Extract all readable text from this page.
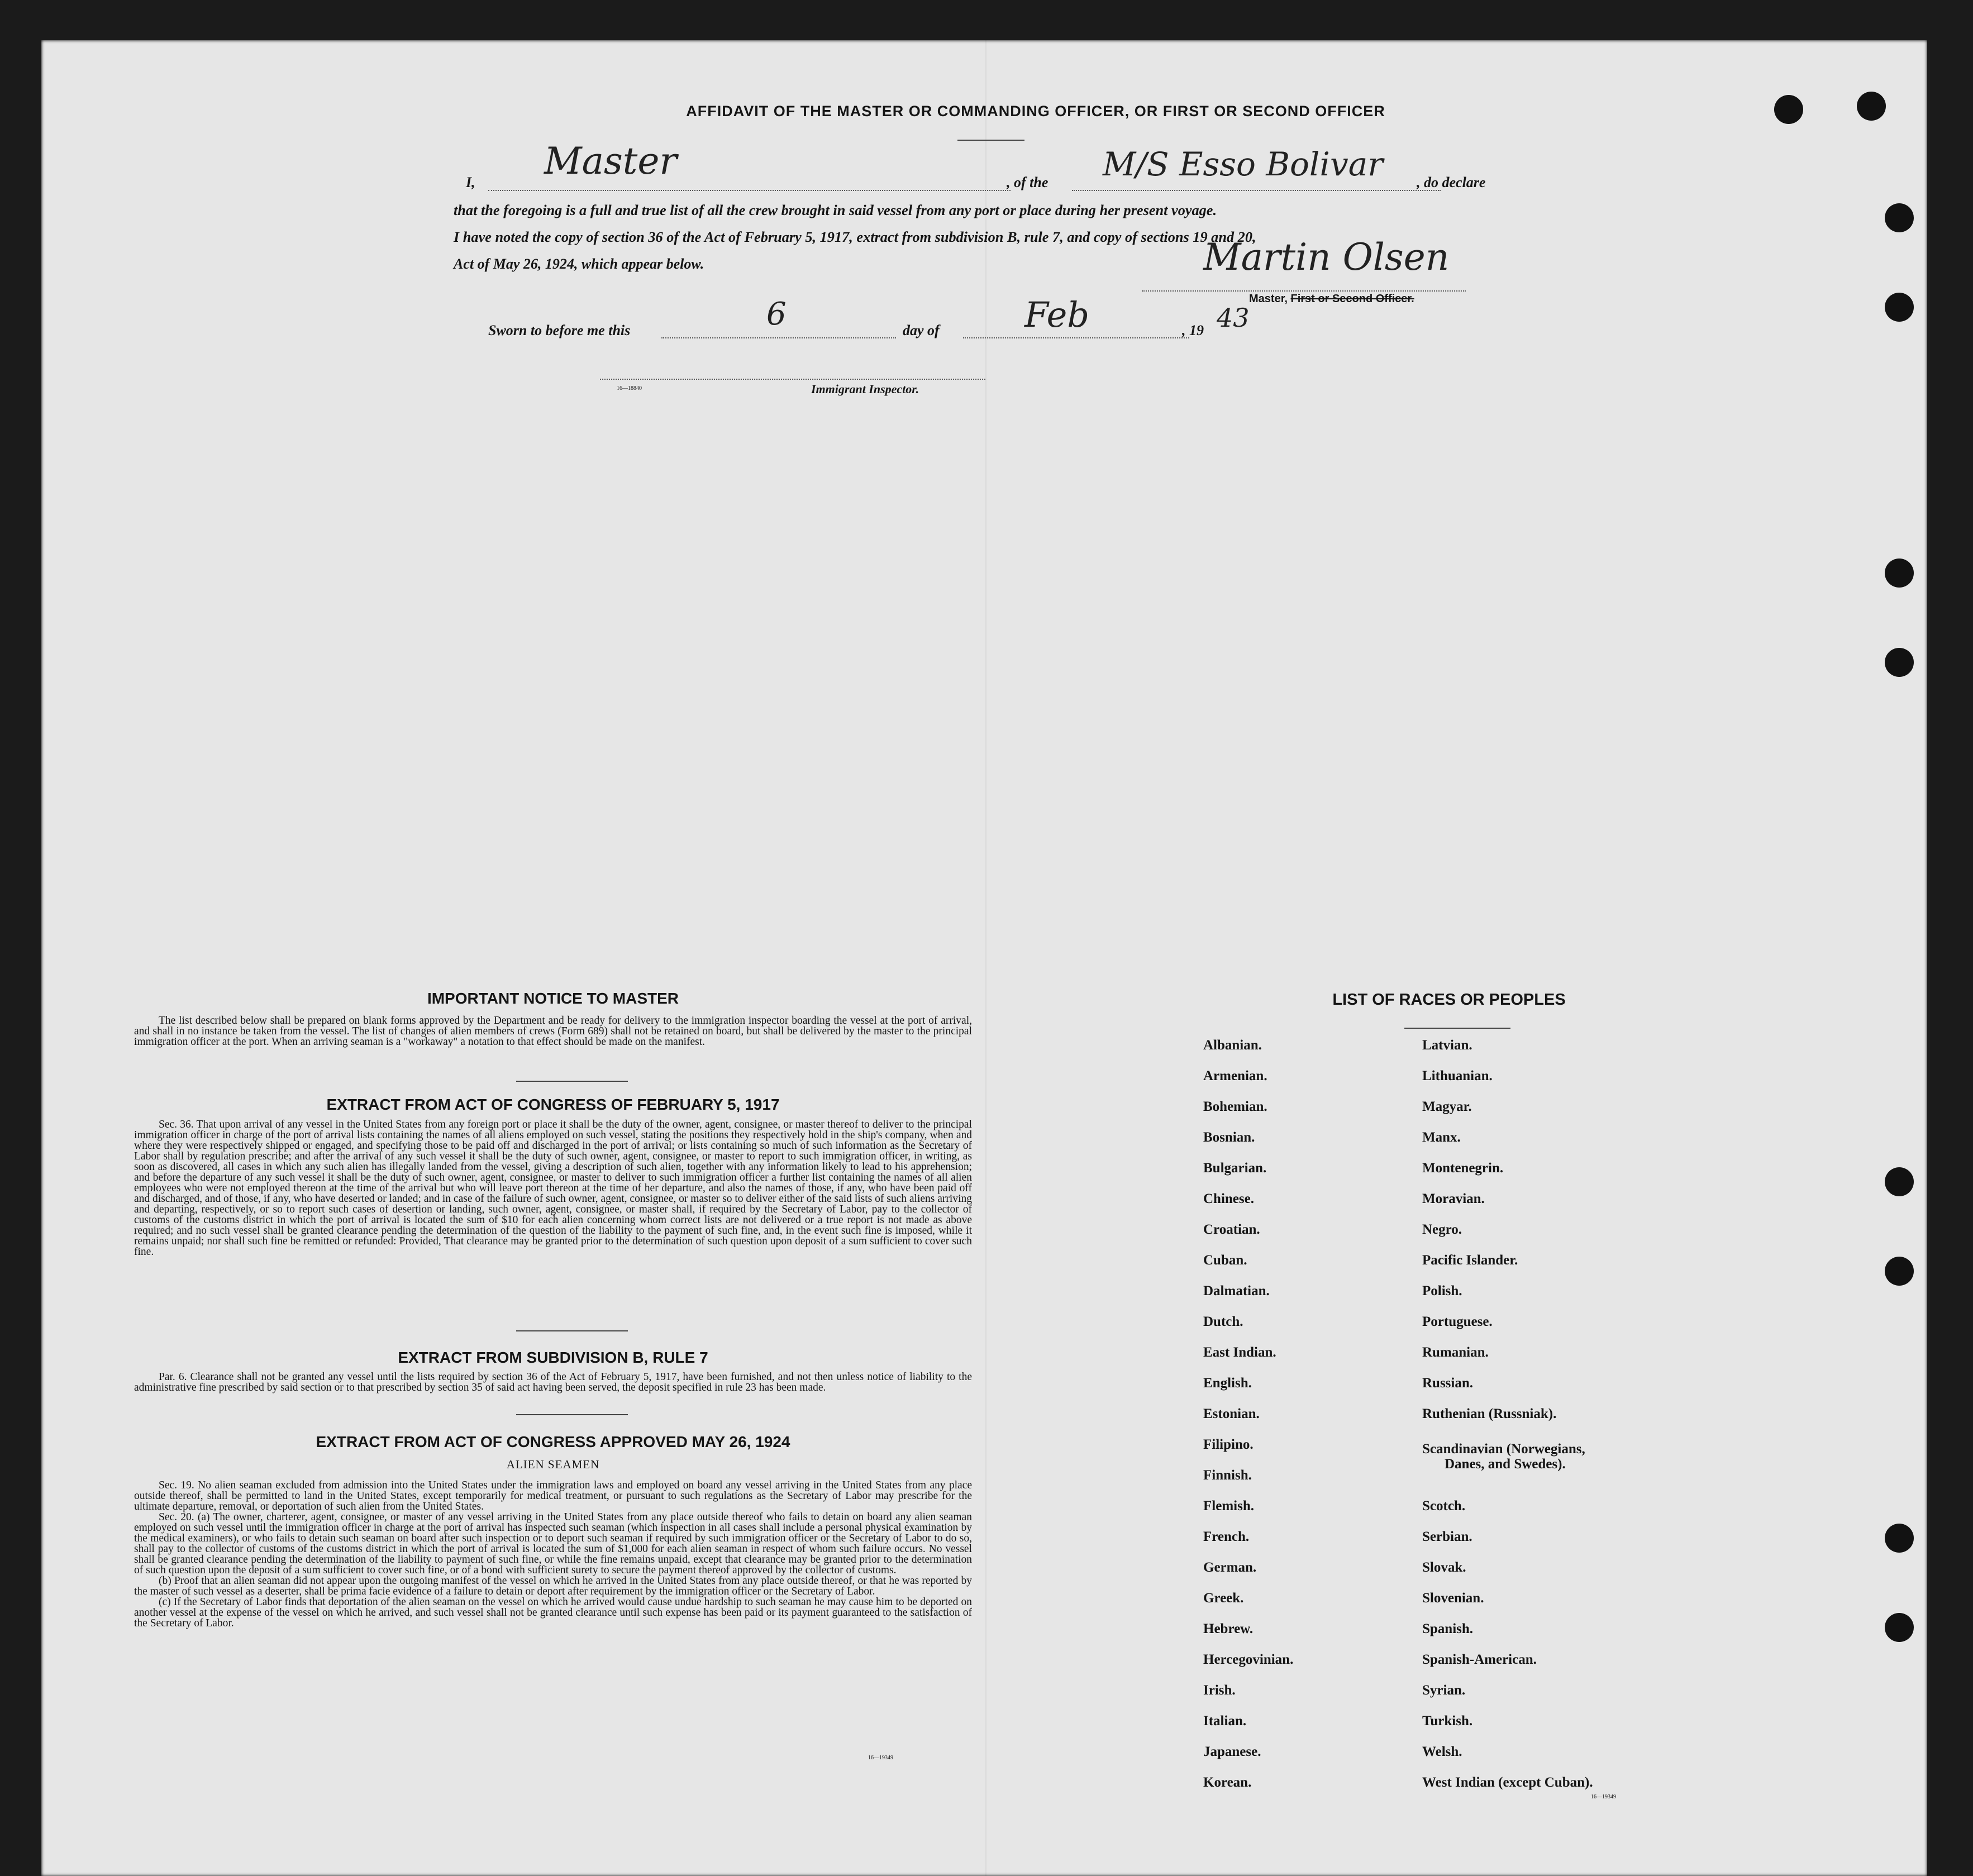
AFFIDAVIT OF THE MASTER OR COMMANDING OFFICER, OR FIRST OR SECOND OFFICER
I, Master	, of the M/S Esso Bolivar , do declare
that the foregoing is a full and true list of all the crew brought in said vessel from any port or place during her present voyage.
I have noted the copy of section 36 of the Act of February 5, 1917, extract from subdivision B, rule 7, and copy of sections 19 and 20,
Act of May 26, 1924, which appear below.	Martin Olsen
Master, First or Second Officer.
Sworn to before me this	6	day of Feb	, 19 43
16—18840	Immigrant Inspector.
IMPORTANT NOTICE TO MASTER
The list described below shall be prepared on blank forms approved by the Department and be ready for delivery to the immigration inspector boarding the vessel at the port of arrival, and shall in no instance be taken from the vessel. The list of changes of alien members of crews (Form 689) shall not be retained on board, but shall be delivered by the master to the principal immigration officer at the port. When an arriving seaman is a "workaway" a notation to that effect should be made on the manifest.
EXTRACT FROM ACT OF CONGRESS OF FEBRUARY 5, 1917
Sec. 36. That upon arrival of any vessel in the United States from any foreign port or place it shall be the duty of the owner, agent, consignee, or master thereof to deliver to the principal immigration officer in charge of the port of arrival lists containing the names of all aliens employed on such vessel, stating the positions they respectively hold in the ship's company, when and where they were respectively shipped or engaged, and specifying those to be paid off and discharged in the port of arrival; or lists containing so much of such information as the Secretary of Labor shall by regulation prescribe; and after the arrival of any such vessel it shall be the duty of such owner, agent, consignee, or master to report to such immigration officer, in writing, as soon as discovered, all cases in which any such alien has illegally landed from the vessel, giving a description of such alien, together with any information likely to lead to his apprehension; and before the departure of any such vessel it shall be the duty of such owner, agent, consignee, or master to deliver to such immigration officer a further list containing the names of all alien employees who were not employed thereon at the time of the arrival but who will leave port thereon at the time of her departure, and also the names of those, if any, who have been paid off and discharged, and of those, if any, who have deserted or landed; and in case of the failure of such owner, agent, consignee, or master so to deliver either of the said lists of such aliens arriving and departing, respectively, or so to report such cases of desertion or landing, such owner, agent, consignee, or master shall, if required by the Secretary of Labor, pay to the collector of customs of the customs district in which the port of arrival is located the sum of $10 for each alien concerning whom correct lists are not delivered or a true report is not made as above required; and no such vessel shall be granted clearance pending the determination of the question of the liability to the payment of such fine, and, in the event such fine is imposed, while it remains unpaid; nor shall such fine be remitted or refunded: Provided, That clearance may be granted prior to the determination of such question upon deposit of a sum sufficient to cover such fine.
EXTRACT FROM SUBDIVISION B, RULE 7
Par. 6. Clearance shall not be granted any vessel until the lists required by section 36 of the Act of February 5, 1917, have been furnished, and not then unless notice of liability to the administrative fine prescribed by said section or to that prescribed by section 35 of said act having been served, the deposit specified in rule 23 has been made.
EXTRACT FROM ACT OF CONGRESS APPROVED MAY 26, 1924
ALIEN SEAMEN

Sec. 19. No alien seaman excluded from admission into the United States under the immigration laws and employed on board any vessel arriving in the United States from any place outside thereof, shall be permitted to land in the United States, except temporarily for medical treatment, or pursuant to such regulations as the Secretary of Labor may prescribe for the ultimate departure, removal, or deportation of such alien from the United States.

Sec. 20. (a) The owner, charterer, agent, consignee, or master of any vessel arriving in the United States from any place outside thereof who fails to detain on board any alien seaman employed on such vessel until the immigration officer in charge at the port of arrival has inspected such seaman (which inspection in all cases shall include a personal physical examination by the medical examiners), or who fails to detain such seaman on board after such inspection or to deport such seaman if required by such immigration officer or the Secretary of Labor to do so, shall pay to the collector of customs of the customs district in which the port of arrival is located the sum of $1,000 for each alien seaman in respect of whom such failure occurs. No vessel shall be granted clearance pending the determination of the liability to payment of such fine, or while the fine remains unpaid, except that clearance may be granted prior to the determination of such question upon the deposit of a sum sufficient to cover such fine, or of a bond with sufficient surety to secure the payment thereof approved by the collector of customs.

(b) Proof that an alien seaman did not appear upon the outgoing manifest of the vessel on which he arrived in the United States from any place outside thereof, or that he was reported by the master of such vessel as a deserter, shall be prima facie evidence of a failure to detain or deport after requirement by the immigration officer or the Secretary of Labor.

(c) If the Secretary of Labor finds that deportation of the alien seaman on the vessel on which he arrived would cause undue hardship to such seaman he may cause him to be deported on another vessel at the expense of the vessel on which he arrived, and such vessel shall not be granted clearance until such expense has been paid or its payment guaranteed to the satisfaction of the Secretary of Labor.

16—19349
LIST OF RACES OR PEOPLES
Albanian.
Armenian.
Bohemian.
Bosnian.
Bulgarian.
Chinese.
Croatian.
Cuban.
Dalmatian.
Dutch.
East Indian.
English.
Estonian.
Filipino.
Finnish.
Flemish.
French.
German.
Greek.
Hebrew.
Hercegovinian.
Irish.
Italian.
Japanese.
Korean.
Latvian.
Lithuanian.
Magyar.
Manx.
Montenegrin.
Moravian.
Negro.
Pacific Islander.
Polish.
Portuguese.
Rumanian.
Russian.
Ruthenian (Russniak).
Scandinavian (Norwegians,
Danes, and Swedes).
Scotch.
Serbian.
Slovak.
Slovenian.
Spanish.
Spanish-American.
Syrian.
Turkish.
Welsh.
West Indian (except Cuban).
16—19349
